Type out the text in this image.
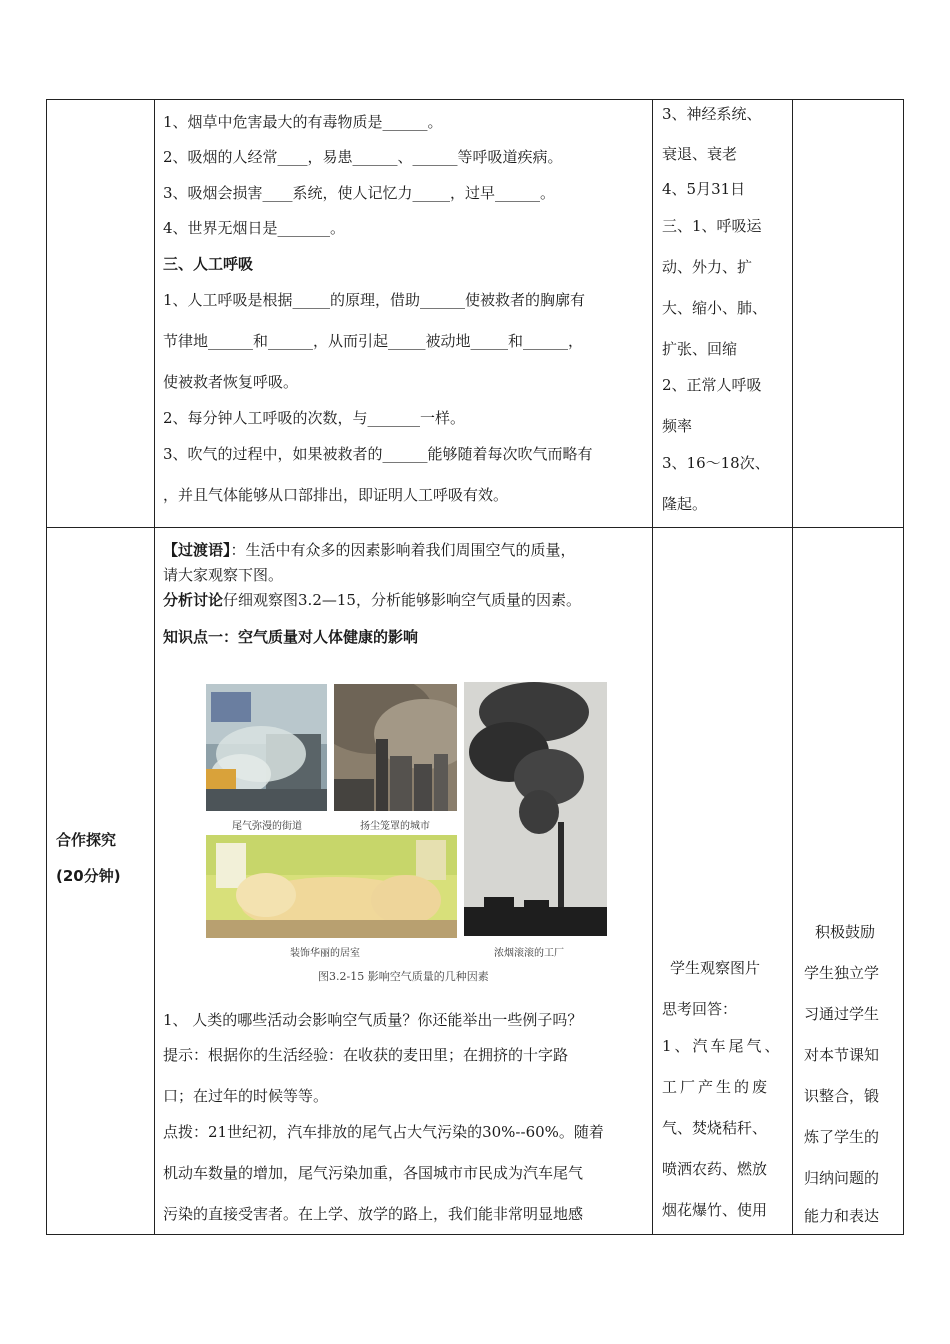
1、烟草中危害最大的有毒物质是______。
2、吸烟的人经常____，易患______、______等呼吸道疾病。
3、吸烟会损害____系统，使人记忆力_____，过早______。
4、世界无烟日是_______。
三、人工呼吸
1、人工呼吸是根据_____的原理，借助______使被救者的胸廓有
节律地______和______，从而引起_____被动地_____和______，
使被救者恢复呼吸。
2、每分钟人工呼吸的次数，与_______一样。
3、吹气的过程中，如果被救者的______能够随着每次吹气而略有
，并且气体能够从口部排出，即证明人工呼吸有效。
3、神经系统、
衰退、衰老
4、5月31日
三、1、呼吸运
动、外力、扩
大、缩小、肺、
扩张、回缩
2、正常人呼吸
频率
3、16～18次、
隆起。
合作探究
(20分钟)
【过渡语】：生活中有众多的因素影响着我们周围空气的质量，
请大家观察下图。
分析讨论仔细观察图3.2—15，分析能够影响空气质量的因素。
知识点一：空气质量对人体健康的影响
尾气弥漫的街道	扬尘笼罩的城市
装饰华丽的居室	浓烟滚滚的工厂
图3.2-15 影响空气质量的几种因素
1、 人类的哪些活动会影响空气质量？你还能举出一些例子吗？
提示：根据你的生活经验：在收获的麦田里；在拥挤的十字路
口；在过年的时候等等。
点拨：21世纪初，汽车排放的尾气占大气污染的30%--60%。随着
机动车数量的增加，尾气污染加重，各国城市市民成为汽车尾气
污染的直接受害者。在上学、放学的路上，我们能非常明显地感
学生观察图片
思考回答：
1、汽车尾气、
工厂产生的废
气、焚烧秸秆、
喷洒农药、燃放
烟花爆竹、使用
积极鼓励
学生独立学
习通过学生
对本节课知
识整合，锻
炼了学生的
归纳问题的
能力和表达
